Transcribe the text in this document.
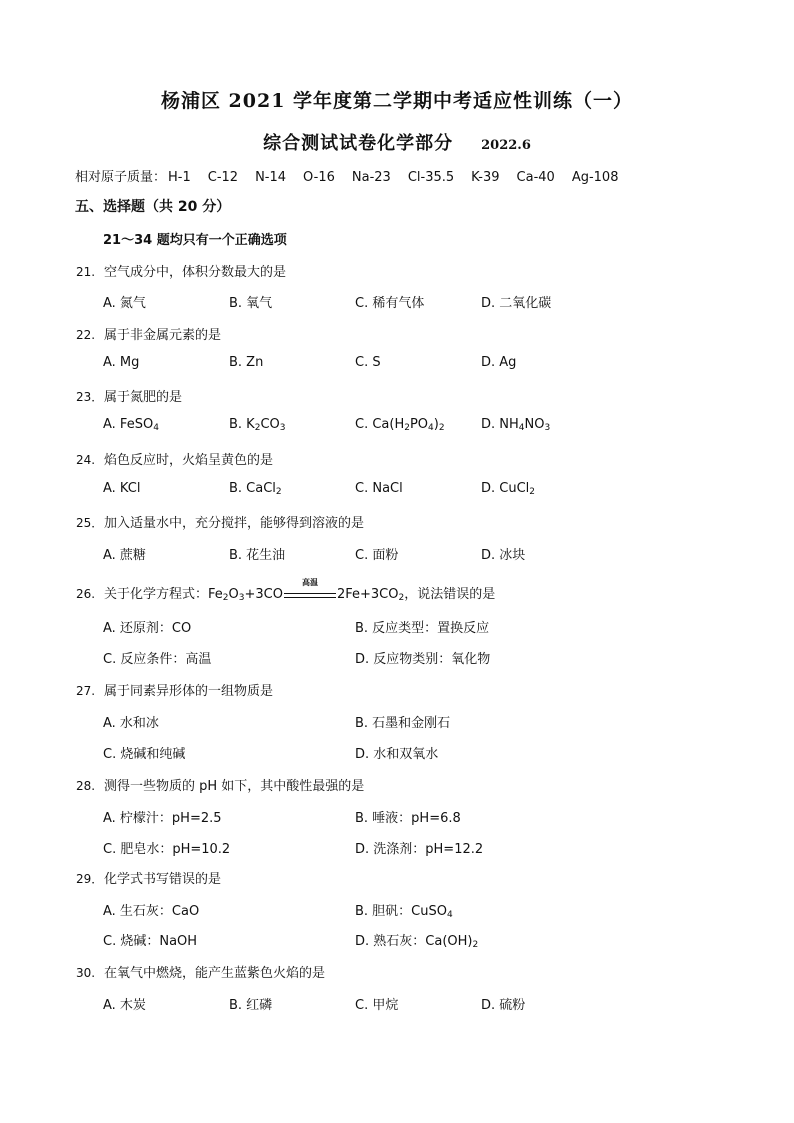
杨浦区 2021 学年度第二学期中考适应性训练（一）
综合测试试卷化学部分 2022.6
相对原子质量： H-1 C-12 N-14 O-16 Na-23 Cl-35.5 K-39 Ca-40 Ag-108
五、选择题（共 20 分）
21～34 题均只有一个正确选项
21. 空气成分中，体积分数最大的是
A. 氮气	B. 氧气	C. 稀有气体	D. 二氧化碳
22. 属于非金属元素的是
A. Mg	B. Zn	C. S	D. Ag
23．属于氮肥的是
A. FeSO$_4$	B. $K_2CO_3$	C. $Ca(H_2PO_4)_2$	D. $NH_4NO_3$
24. 焰色反应时，火焰呈黄色的是
A. KCl	B. CaCl$_2$	C. NaCl	D. CuCl$_2$
25．加入适量水中，充分搅拌，能够得到溶液的是
A. 蔗糖	B. 花生油	C. 面粉	D. 冰块
26. 关于化学方程式：$Fe_2O_3+3CO$
高温
$2Fe+3CO_2$，说法错误的是
A. 还原剂：CO	B. 反应类型：置换反应
C. 反应条件：高温	D. 反应物类别：氧化物
27. 属于同素异形体的一组物质是
A. 水和冰	B. 石墨和金刚石
C. 烧碱和纯碱	D. 水和双氧水
28. 测得一些物质的 pH 如下，其中酸性最强的是
A. 柠檬汁：pH=2.5	B. 唾液：pH=6.8
C. 肥皂水：pH=10.2	D. 洗涤剂：pH=12.2
29．化学式书写错误的是
A. 生石灰：CaO	B. 胆矾：CuSO$_4$
C. 烧碱：NaOH	D. 熟石灰：$Ca(OH)_2$
30. 在氧气中燃烧，能产生蓝紫色火焰的是
A. 木炭	B. 红磷	C. 甲烷	D. 硫粉
